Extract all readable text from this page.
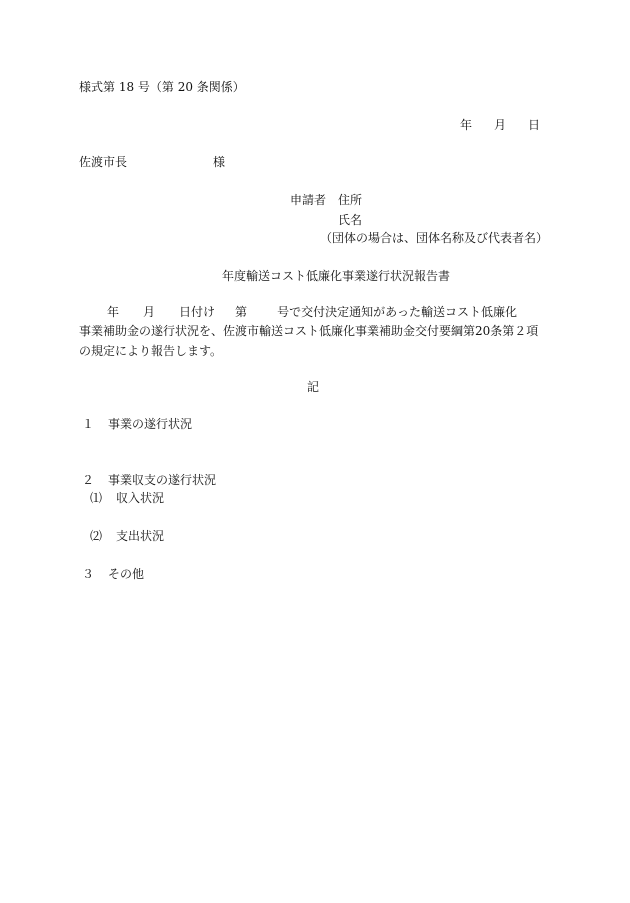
様式第 18 号（第 20 条関係）
年 月 日
佐渡市長	様
申請者　住所
氏名
（団体の場合は、団体名称及び代表者名）
年度輸送コスト低廉化事業遂行状況報告書
年 月 日付け 第	号で交付決定通知があった輸送コスト低廉化
事業補助金の遂行状況を、佐渡市輸送コスト低廉化事業補助金交付要綱第20条第２項
の規定により報告します。
記
１ 事業の遂行状況
２ 事業収支の遂行状況
⑴ 収入状況
⑵ 支出状況
３ その他
